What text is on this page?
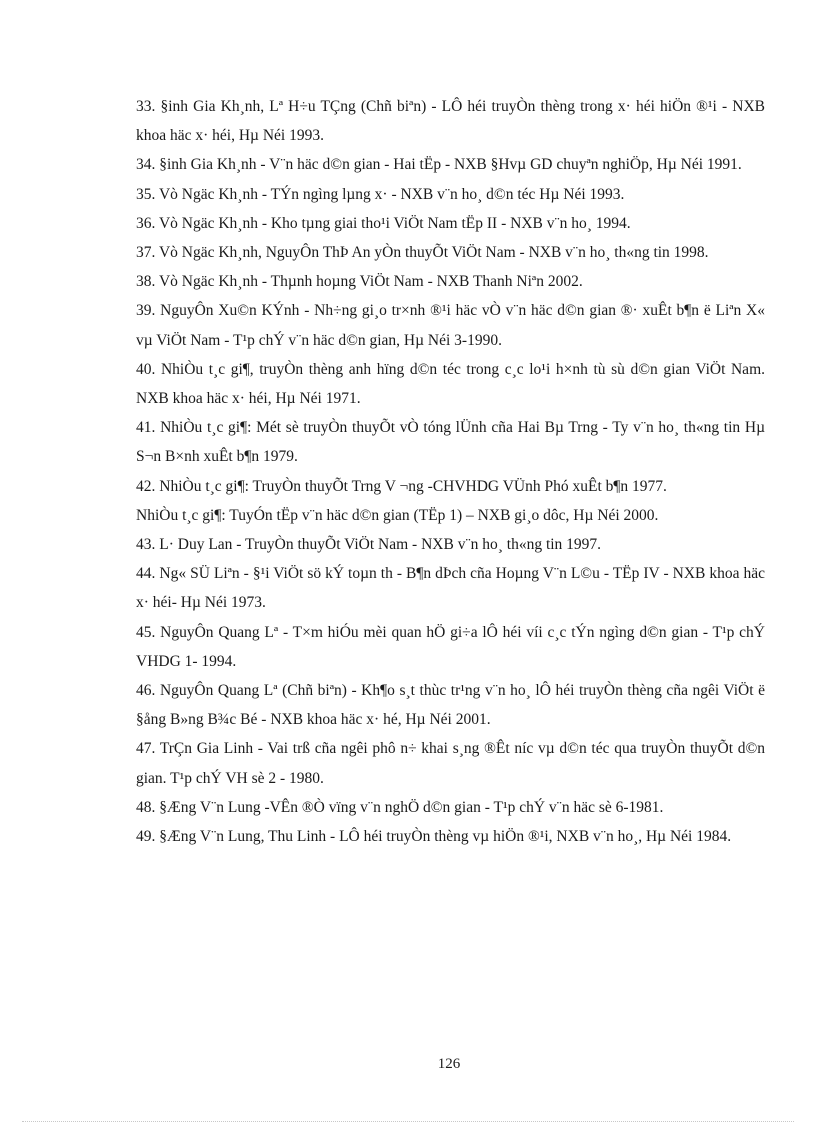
33. §inh Gia Kh¸nh, Lª H÷u TÇng (Chñ biªn) - LÔ héi truyÒn thèng trong x· héi hiÖn ®¹i - NXB khoa häc x· héi, Hµ Néi 1993.

34. §inh Gia Kh¸nh - V¨n häc d©n gian - Hai tËp - NXB §Hvµ GD chuyªn nghiÖp, Hµ Néi 1991.

35. Vò Ngäc Kh¸nh - TÝn ngìng lµng x· - NXB v¨n ho¸ d©n téc Hµ Néi 1993.

36. Vò Ngäc Kh¸nh - Kho tµng giai tho¹i ViÖt Nam tËp II - NXB v¨n ho¸ 1994.

37. Vò Ngäc Kh¸nh, NguyÔn ThÞ An yÒn thuyÕt ViÖt Nam - NXB v¨n ho¸ th«ng tin 1998.

38. Vò Ngäc Kh¸nh - Thµnh hoµng ViÖt Nam - NXB Thanh Niªn 2002.

39. NguyÔn Xu©n KÝnh - Nh÷ng gi¸o tr×nh ®¹i häc vÒ v¨n häc d©n gian ®· xuÊt b¶n ë Liªn X« vµ ViÖt Nam - T¹p chÝ v¨n häc d©n gian, Hµ Néi 3-1990.

40. NhiÒu t¸c gi¶, truyÒn thèng anh hïng d©n téc trong c¸c lo¹i h×nh tù sù d©n gian ViÖt Nam. NXB khoa häc x· héi, Hµ Néi 1971.

41. NhiÒu t¸c gi¶: Mét sè truyÒn thuyÕt vÒ tóng lÜnh cña Hai Bµ Trng - Ty v¨n ho¸ th«ng tin Hµ S¬n B×nh xuÊt b¶n 1979.

42. NhiÒu t¸c gi¶: TruyÒn thuyÕt Trng V ¬ng -CHVHDG VÜnh Phó xuÊt b¶n 1977.

NhiÒu t¸c gi¶: TuyÓn tËp v¨n häc d©n gian (TËp 1) – NXB gi¸o dôc, Hµ Néi 2000.

43. L· Duy Lan - TruyÒn thuyÕt ViÖt Nam - NXB v¨n ho¸ th«ng tin 1997.

44. Ng« SÜ Liªn - §¹i ViÖt sö kÝ toµn th - B¶n dÞch cña Hoµng V¨n L©u - TËp IV - NXB khoa häc x· héi- Hµ Néi 1973.

45. NguyÔn Quang Lª - T×m hiÓu mèi quan hÖ gi÷a lÔ héi víi c¸c tÝn ngìng d©n gian - T¹p chÝ VHDG 1- 1994.

46. NguyÔn Quang Lª (Chñ biªn) - Kh¶o s¸t thùc tr¹ng v¨n ho¸ lÔ héi truyÒn thèng cña ngêi ViÖt ë §ång B»ng B¾c Bé - NXB khoa häc x· hé, Hµ Néi 2001.

47. TrÇn Gia Linh - Vai trß cña ngêi phô n÷ khai s¸ng ®Êt níc vµ d©n téc qua truyÒn thuyÕt d©n gian. T¹p chÝ VH sè 2 - 1980.

48. §Æng V¨n Lung -VÊn ®Ò vïng v¨n nghÖ d©n gian - T¹p chÝ v¨n häc sè 6-1981.

49. §Æng V¨n Lung, Thu Linh - LÔ héi truyÒn thèng vµ hiÖn ®¹i, NXB v¨n ho¸, Hµ Néi 1984.

126
